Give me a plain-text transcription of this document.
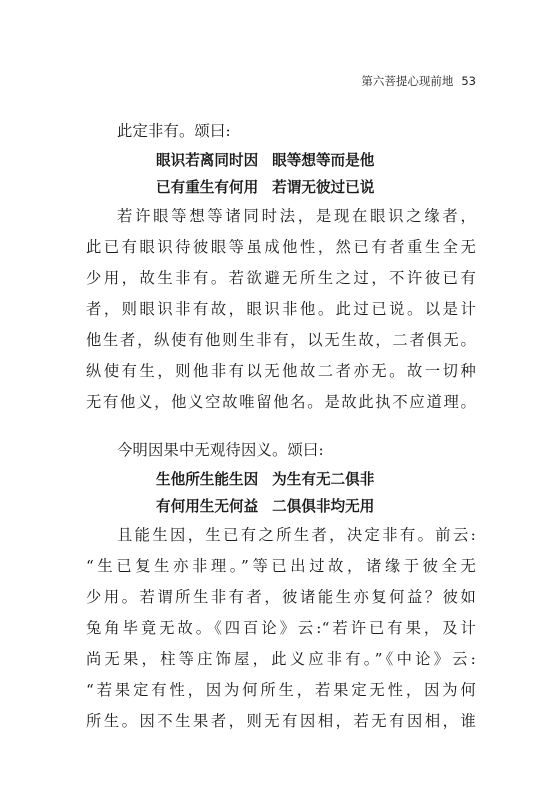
第六菩提心现前地 53
此定非有。颂曰:
眼识若离同时因 眼等想等而是他
已有重生有何用 若谓无彼过已说
若许眼等想等诸同时法，是现在眼识之缘者，
此已有眼识待彼眼等虽成他性，然已有者重生全无
少用，故生非有。若欲避无所生之过，不许彼已有
者，则眼识非有故，眼识非他。此过已说。以是计
他生者，纵使有他则生非有，以无生故，二者俱无。
纵使有生，则他非有以无他故二者亦无。故一切种
无有他义，他义空故唯留他名。是故此执不应道理。
今明因果中无观待因义。颂曰:
生他所生能生因 为生有无二俱非
有何用生无何益 二俱俱非均无用
且能生因，生已有之所生者，决定非有。前云:
“生已复生亦非理。”等已出过故，诸缘于彼全无
少用。若谓所生非有者，彼诸能生亦复何益？彼如
兔角毕竟无故。《四百论》云:“若许已有果，及计
尚无果，柱等庄饰屋，此义应非有。”《中论》云:
“若果定有性，因为何所生，若果定无性，因为何
所生。因不生果者，则无有因相，若无有因相，谁
